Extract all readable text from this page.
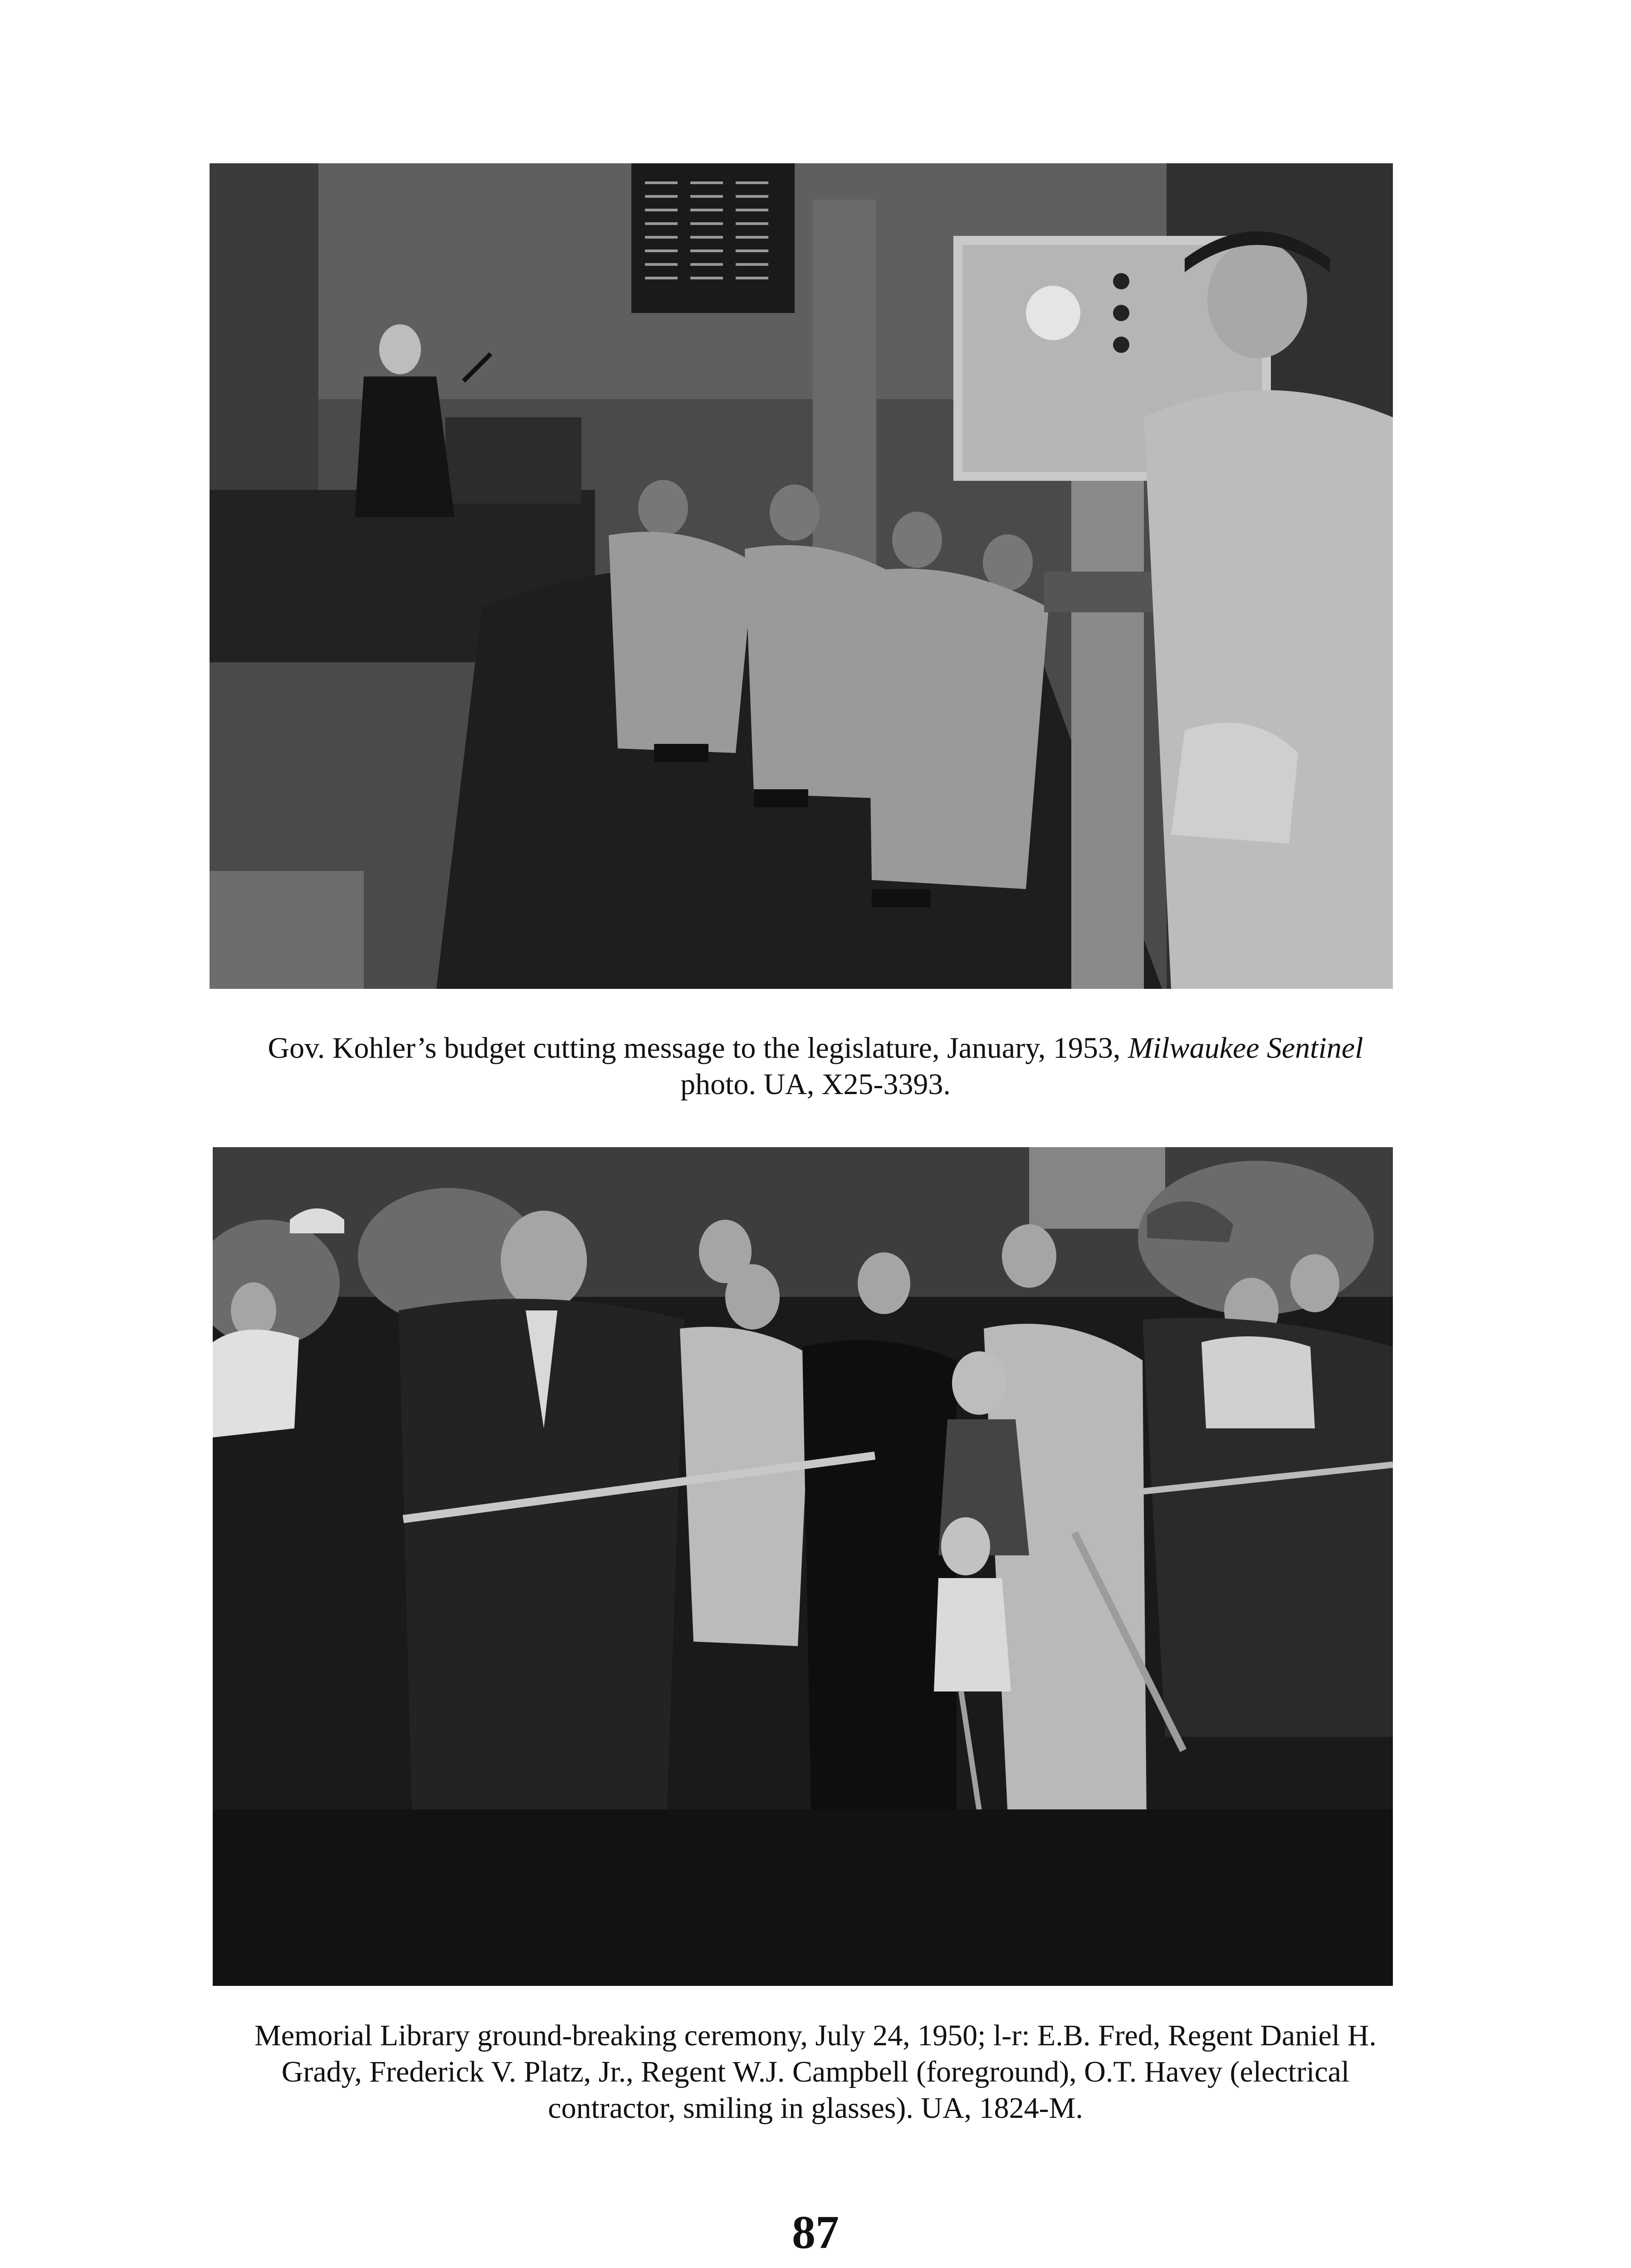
Gov. Kohler’s budget cutting message to the legislature, January, 1953, Milwaukee Sentinel photo. UA, X25-3393.
Memorial Library ground-breaking ceremony, July 24, 1950; l-r: E.B. Fred, Regent Daniel H. Grady, Frederick V. Platz, Jr., Regent W.J. Campbell (foreground), O.T. Havey (electrical contractor, smiling in glasses). UA, 1824-M.
87
